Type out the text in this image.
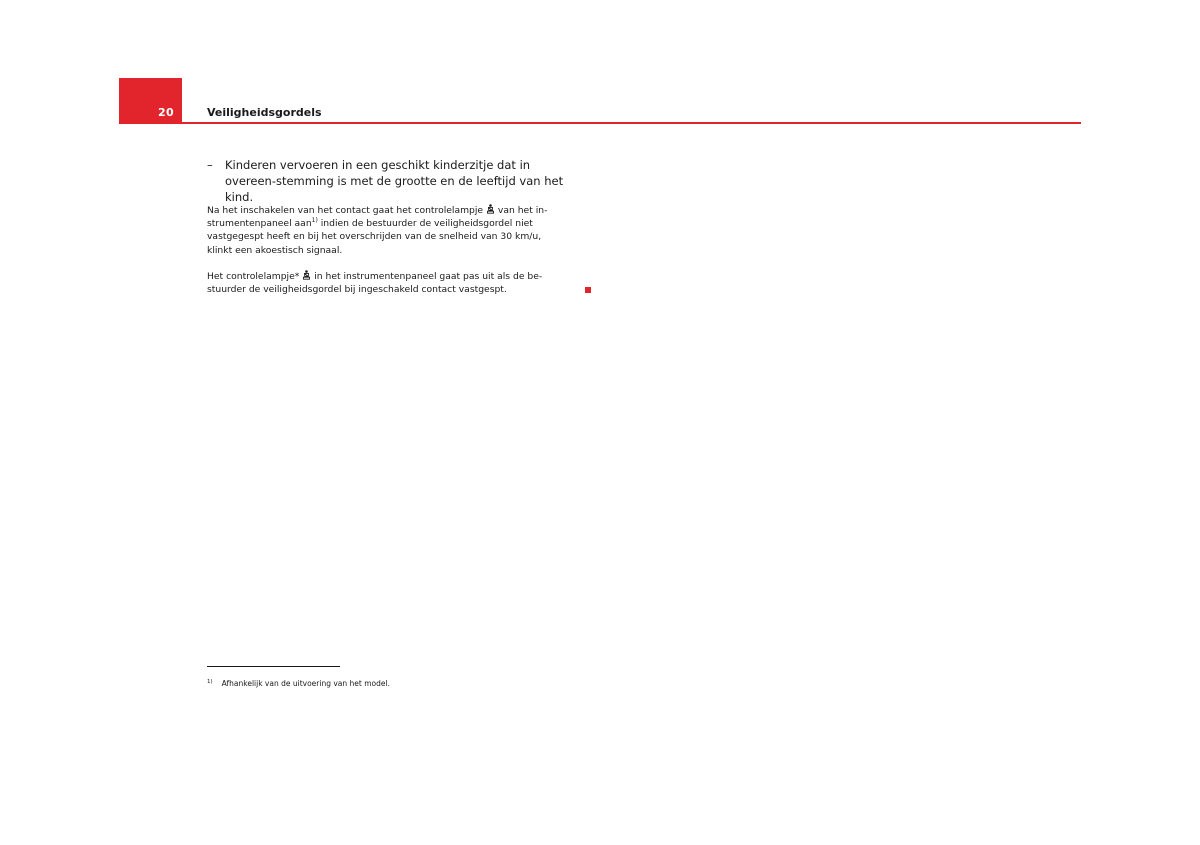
20	Veiligheidsgordels
– Kinderen vervoeren in een geschikt kinderzitje dat in overeen-stemming is met de grootte en de leeftijd van het kind.
Na het inschakelen van het contact gaat het controlelampje van het in-strumentenpaneel aan$^{1)}$ indien de bestuurder de veiligheidsgordel niet vastgegespt heeft en bij het overschrijden van de snelheid van 30 km/u, klinkt een akoestisch signaal.
Het controlelampje* in het instrumentenpaneel gaat pas uit als de be-stuurder de veiligheidsgordel bij ingeschakeld contact vastgespt.
$^{1)}$ Afhankelijk van de uitvoering van het model.
